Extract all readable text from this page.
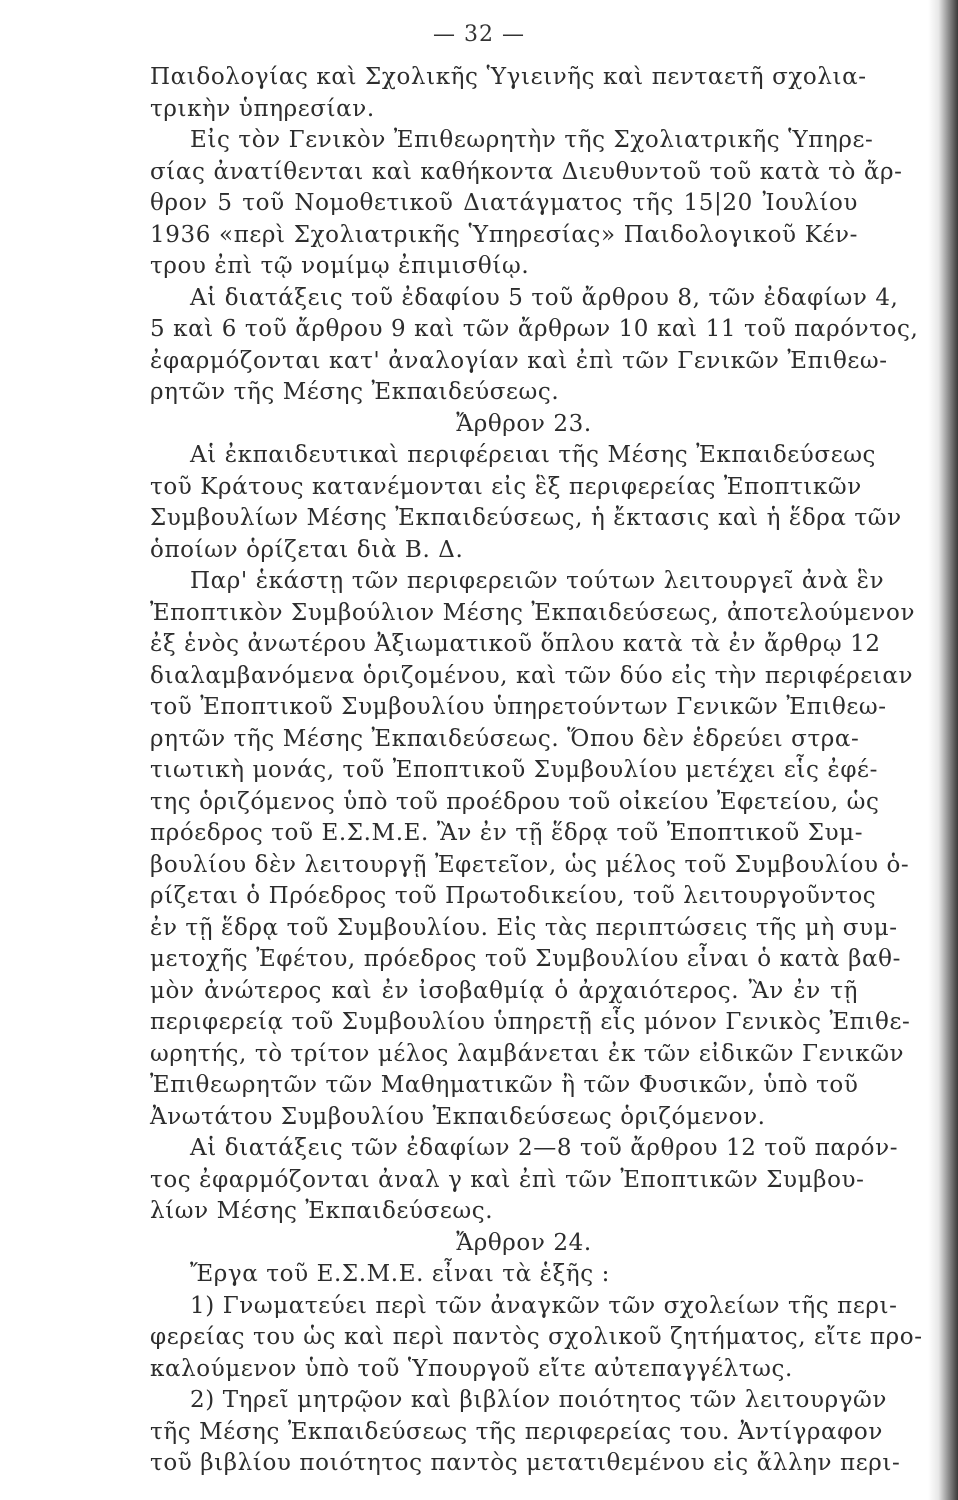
— 32 —
Παιδολογίας καὶ Σχολικῆς Ὑγιεινῆς καὶ πενταετῆ σχολια-
τρικὴν ὑπηρεσίαν.
Εἰς τὸν Γενικὸν Ἐπιθεωρητὴν τῆς Σχολιατρικῆς Ὑπηρε-
σίας ἀνατίθενται καὶ καθήκοντα Διευθυντοῦ τοῦ κατὰ τὸ ἄρ-
θρον 5 τοῦ Νομοθετικοῦ Διατάγματος τῆς 15|20 Ἰουλίου
1936 «περὶ Σχολιατρικῆς Ὑπηρεσίας» Παιδολογικοῦ Κέν-
τρου ἐπὶ τῷ νομίμῳ ἐπιμισθίῳ.
Αἱ διατάξεις τοῦ ἐδαφίου 5 τοῦ ἄρθρου 8, τῶν ἐδαφίων 4,
5 καὶ 6 τοῦ ἄρθρου 9 καὶ τῶν ἄρθρων 10 καὶ 11 τοῦ παρόντος,
ἐφαρμόζονται κατ' ἀναλογίαν καὶ ἐπὶ τῶν Γενικῶν Ἐπιθεω-
ρητῶν τῆς Μέσης Ἐκπαιδεύσεως.
Ἄρθρον 23.
Αἱ ἐκπαιδευτικαὶ περιφέρειαι τῆς Μέσης Ἐκπαιδεύσεως
τοῦ Κράτους κατανέμονται εἰς ἓξ περιφερείας Ἐποπτικῶν
Συμβουλίων Μέσης Ἐκπαιδεύσεως, ἡ ἔκτασις καὶ ἡ ἕδρα τῶν
ὁποίων ὁρίζεται διὰ Β. Δ.
Παρ' ἑκάστῃ τῶν περιφερειῶν τούτων λειτουργεῖ ἀνὰ ἓν
Ἐποπτικὸν Συμβούλιον Μέσης Ἐκπαιδεύσεως, ἀποτελούμενον
ἐξ ἑνὸς ἀνωτέρου Ἀξιωματικοῦ ὅπλου κατὰ τὰ ἐν ἄρθρῳ 12
διαλαμβανόμενα ὁριζομένου, καὶ τῶν δύο εἰς τὴν περιφέρειαν
τοῦ Ἐποπτικοῦ Συμβουλίου ὑπηρετούντων Γενικῶν Ἐπιθεω-
ρητῶν τῆς Μέσης Ἐκπαιδεύσεως. Ὅπου δὲν ἑδρεύει στρα-
τιωτικὴ μονάς, τοῦ Ἐποπτικοῦ Συμβουλίου μετέχει εἷς ἐφέ-
της ὁριζόμενος ὑπὸ τοῦ προέδρου τοῦ οἰκείου Ἐφετείου, ὡς
πρόεδρος τοῦ Ε.Σ.Μ.Ε. Ἂν ἐν τῇ ἕδρᾳ τοῦ Ἐποπτικοῦ Συμ-
βουλίου δὲν λειτουργῇ Ἐφετεῖον, ὡς μέλος τοῦ Συμβουλίου ὁ-
ρίζεται ὁ Πρόεδρος τοῦ Πρωτοδικείου, τοῦ λειτουργοῦντος
ἐν τῇ ἕδρᾳ τοῦ Συμβουλίου. Εἰς τὰς περιπτώσεις τῆς μὴ συμ-
μετοχῆς Ἐφέτου, πρόεδρος τοῦ Συμβουλίου εἶναι ὁ κατὰ βαθ-
μὸν ἀνώτερος καὶ ἐν ἰσοβαθμίᾳ ὁ ἀρχαιότερος. Ἂν ἐν τῇ
περιφερείᾳ τοῦ Συμβουλίου ὑπηρετῇ εἷς μόνον Γενικὸς Ἐπιθε-
ωρητής, τὸ τρίτον μέλος λαμβάνεται ἐκ τῶν εἰδικῶν Γενικῶν
Ἐπιθεωρητῶν τῶν Μαθηματικῶν ἢ τῶν Φυσικῶν, ὑπὸ τοῦ
Ἀνωτάτου Συμβουλίου Ἐκπαιδεύσεως ὁριζόμενον.
Αἱ διατάξεις τῶν ἐδαφίων 2—8 τοῦ ἄρθρου 12 τοῦ παρόν-
τος ἐφαρμόζονται ἀναλ γ καὶ ἐπὶ τῶν Ἐποπτικῶν Συμβου-
λίων Μέσης Ἐκπαιδεύσεως.
Ἄρθρον 24.
Ἔργα τοῦ Ε.Σ.Μ.Ε. εἶναι τὰ ἑξῆς :
1) Γνωματεύει περὶ τῶν ἀναγκῶν τῶν σχολείων τῆς περι-
φερείας του ὡς καὶ περὶ παντὸς σχολικοῦ ζητήματος, εἴτε προ-
καλούμενον ὑπὸ τοῦ Ὑπουργοῦ εἴτε αὐτεπαγγέλτως.
2) Τηρεῖ μητρῷον καὶ βιβλίον ποιότητος τῶν λειτουργῶν
τῆς Μέσης Ἐκπαιδεύσεως τῆς περιφερείας του. Ἀντίγραφον
τοῦ βιβλίου ποιότητος παντὸς μετατιθεμένου εἰς ἄλλην περι-
